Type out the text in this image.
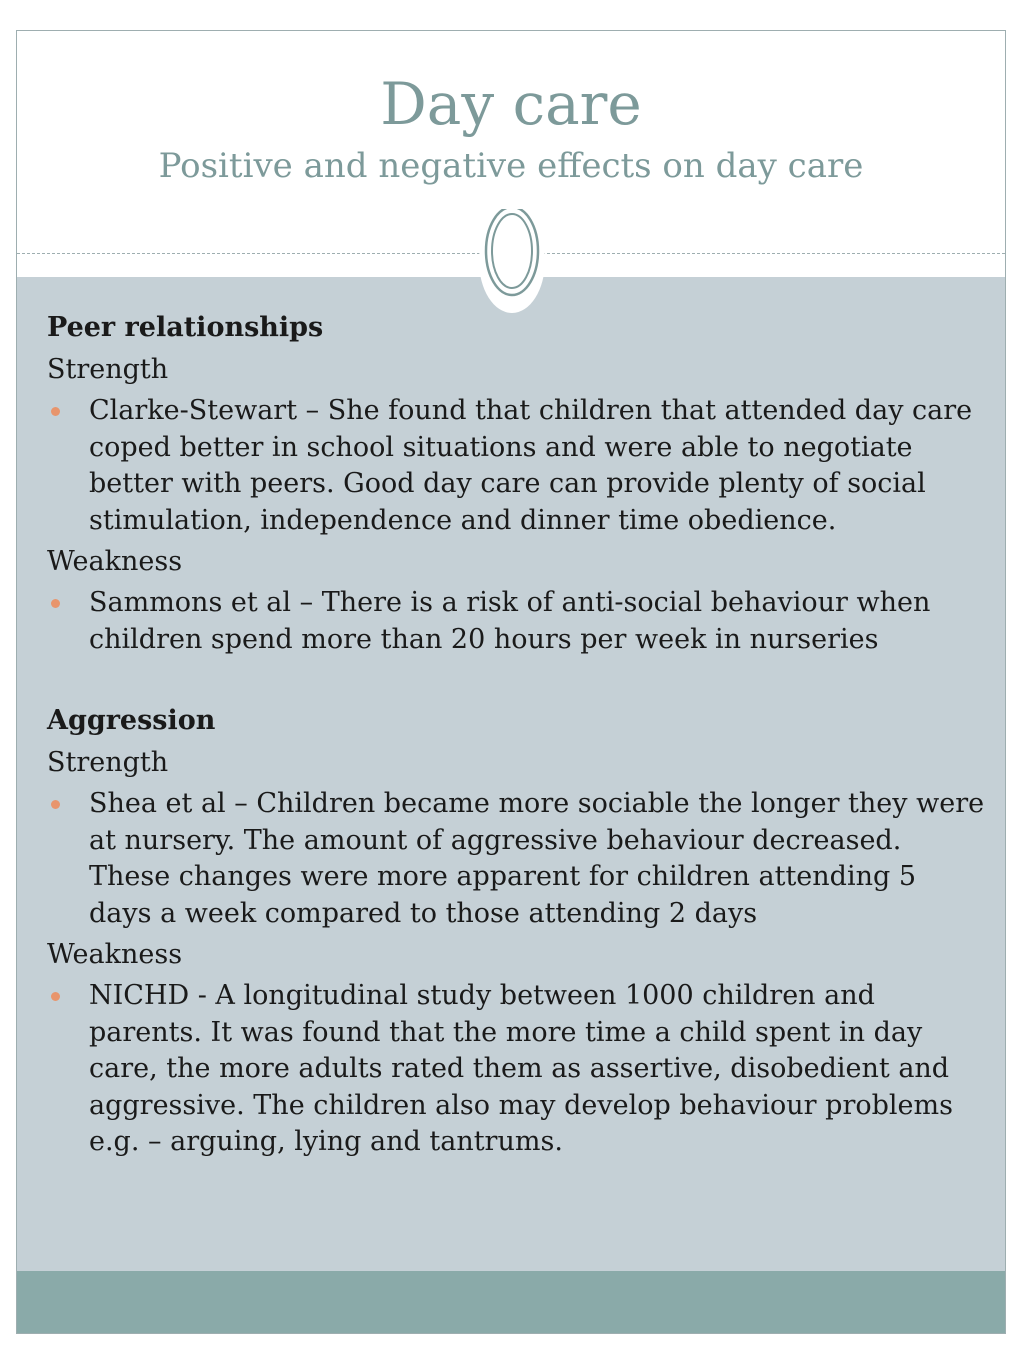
Day care
Positive and negative effects on day care
Peer relationships
Strength
Clarke-Stewart – She found that children that attended day care coped better in school situations and were able to negotiate better with peers. Good day care can provide plenty of social stimulation, independence and dinner time obedience.
Weakness
Sammons et al – There is a risk of anti-social behaviour when children spend more than 20 hours per week in nurseries
Aggression
Strength
Shea et al – Children became more sociable the longer they were at nursery. The amount of aggressive behaviour decreased. These changes were more apparent for children attending 5 days a week compared to those attending 2 days
Weakness
NICHD - A longitudinal study between 1000 children and parents. It was found that the more time a child spent in day care, the more adults rated them as assertive, disobedient and aggressive. The children also may develop behaviour problems e.g. – arguing, lying and tantrums.
